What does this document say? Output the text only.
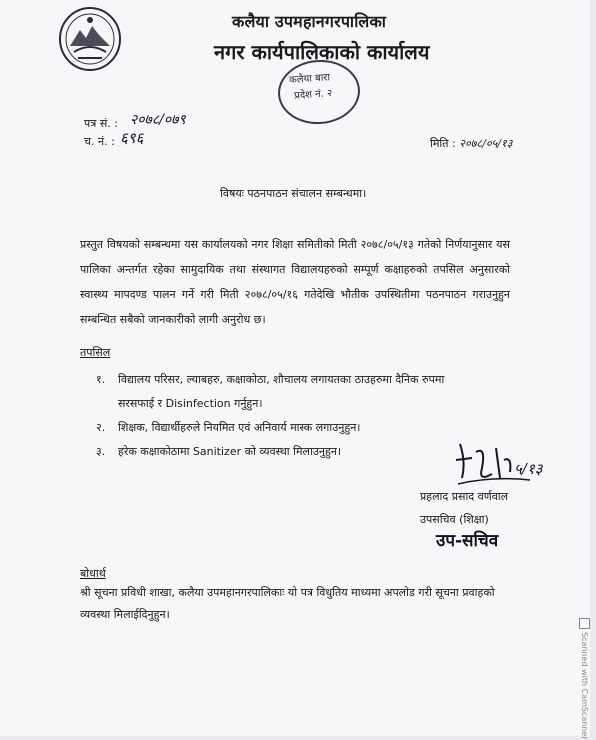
कलैया उपमहानगरपालिका
नगर कार्यपालिकाको कार्यालय
कलैया बारा
प्रदेश नं. २
पत्र सं. : २०७८/०७९
च. नं. : ६९६	मिति : २०७८/०५/१३
विषयः पठनपाठन संचालन सम्बन्धमा।
प्रस्तुत विषयको सम्बन्धमा यस कार्यालयको नगर शिक्षा समितीको मिती २०७८/०५/१३ गतेको निर्णयानुसार यस पालिका अन्तर्गत रहेका सामुदायिक तथा संस्थागत विद्यालयहरुको सम्पूर्ण कक्षाहरुको तपसिल अनुसारको स्वास्थ्य मापदण्ड पालन गर्ने गरी मिती २०७८/०५/१६ गतेदेखि भौतीक उपस्थितीमा पठनपाठन गराउनुहुन सम्बन्धित सबैको जानकारीको लागी अनुरोध छ।
तपसिल
१. विद्यालय परिसर, ल्याबहरु, कक्षाकोठा, शौचालय लगायतका ठाउहरुमा दैनिक रुपमा
सरसफाई र Disinfection गर्नुहुन।
२. शिक्षक, विद्यार्थीहरुले नियमित एवं अनिवार्य मास्क लगाउनुहुन।
३. हरेक कक्षाकोठामा Sanitizer को व्यवस्था मिलाउनुहुन।
५/१३
प्रहलाद प्रसाद वर्णवाल
उपसचिव (शिक्षा)
उप-सचिव
बोधार्थ
श्री सूचना प्रविधी शाखा, कलैया उपमहानगरपालिकाः यो पत्र विधुतिय माध्यमा अपलोड गरी सूचना प्रवाहको व्यवस्था मिलाईदिनुहुन।
Scanned with CamScanner
